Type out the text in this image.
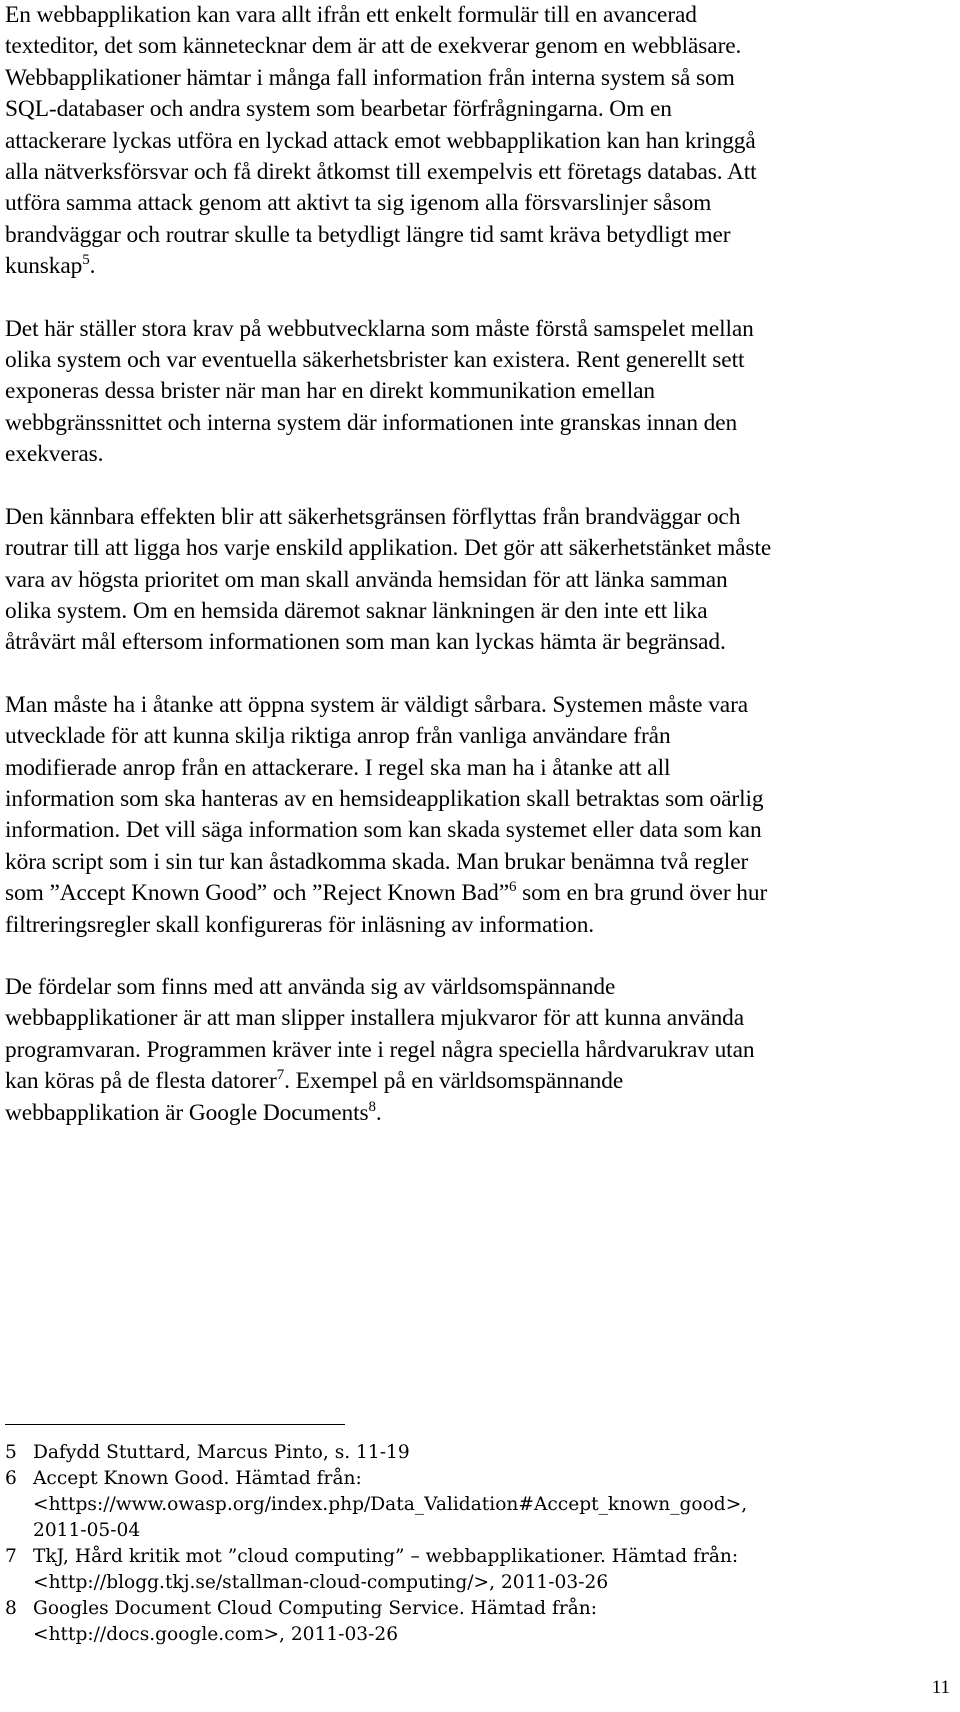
En webbapplikation kan vara allt ifrån ett enkelt formulär till en avancerad

texteditor, det som kännetecknar dem är att de exekverar genom en webbläsare.

Webbapplikationer hämtar i många fall information från interna system så som

SQL-databaser och andra system som bearbetar förfrågningarna. Om en

attackerare lyckas utföra en lyckad attack emot webbapplikation kan han kringgå

alla nätverksförsvar och få direkt åtkomst till exempelvis ett företags databas. Att

utföra samma attack genom att aktivt ta sig igenom alla försvarslinjer såsom

brandväggar och routrar skulle ta betydligt längre tid samt kräva betydligt mer

kunskap$^5$.

Det här ställer stora krav på webbutvecklarna som måste förstå samspelet mellan

olika system och var eventuella säkerhetsbrister kan existera. Rent generellt sett

exponeras dessa brister när man har en direkt kommunikation emellan

webbgränssnittet och interna system där informationen inte granskas innan den

exekveras.

Den kännbara effekten blir att säkerhetsgränsen förflyttas från brandväggar och

routrar till att ligga hos varje enskild applikation. Det gör att säkerhetstänket måste

vara av högsta prioritet om man skall använda hemsidan för att länka samman

olika system. Om en hemsida däremot saknar länkningen är den inte ett lika

åtråvärt mål eftersom informationen som man kan lyckas hämta är begränsad.

Man måste ha i åtanke att öppna system är väldigt sårbara. Systemen måste vara

utvecklade för att kunna skilja riktiga anrop från vanliga användare från

modifierade anrop från en attackerare. I regel ska man ha i åtanke att all

information som ska hanteras av en hemsideapplikation skall betraktas som oärlig

information. Det vill säga information som kan skada systemet eller data som kan

köra script som i sin tur kan åstadkomma skada. Man brukar benämna två regler

som ”Accept Known Good” och ”Reject Known Bad”$^6$ som en bra grund över hur

filtreringsregler skall konfigureras för inläsning av information.

De fördelar som finns med att använda sig av världsomspännande

webbapplikationer är att man slipper installera mjukvaror för att kunna använda

programvaran. Programmen kräver inte i regel några speciella hårdvarukrav utan

kan köras på de flesta datorer$^7$. Exempel på en världsomspännande

webbapplikation är Google Documents$^8$.

5 Dafydd Stuttard, Marcus Pinto, s. 11-19
6 Accept Known Good. Hämtad från:
<https://www.owasp.org/index.php/Data_Validation#Accept_known_good>,
2011-05-04
7 TkJ, Hård kritik mot ”cloud computing” – webbapplikationer. Hämtad från:
<http://blogg.tkj.se/stallman-cloud-computing/>, 2011-03-26
8 Googles Document Cloud Computing Service. Hämtad från:
<http://docs.google.com>, 2011-03-26
11
